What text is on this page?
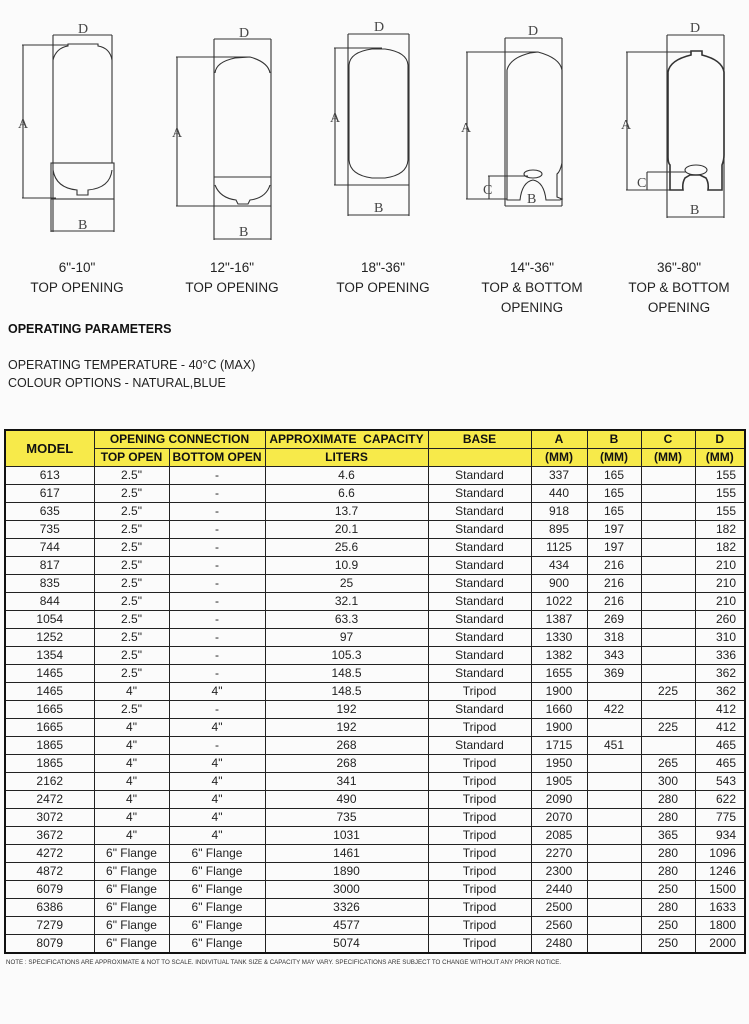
D
A
B
6"-10"
TOP OPENING
D
A
B
12"-16"
TOP OPENING
D
A
B
18"-36"
TOP OPENING
D
A
C
B
14"-36"
TOP & BOTTOM
OPENING
D
A
C
B
36"-80"
TOP & BOTTOM
OPENING
OPERATING PARAMETERS
OPERATING TEMPERATURE - 40°C (MAX)
COLOUR OPTIONS - NATURAL,BLUE
MODEL	OPENING CONNECTION		APPROXIMATE  CAPACITY	BASE	A	B	C	D
	TOP OPEN	BOTTOM OPEN	LITERS		(MM)	(MM)	(MM)	(MM)
613	2.5"	-	4.6	Standard	337	165		155
617	2.5"	-	6.6	Standard	440	165		155
635	2.5"	-	13.7	Standard	918	165		155
735	2.5"	-	20.1	Standard	895	197		182
744	2.5"	-	25.6	Standard	1125	197		182
817	2.5"	-	10.9	Standard	434	216		210
835	2.5"	-	25	Standard	900	216		210
844	2.5"	-	32.1	Standard	1022	216		210
1054	2.5"	-	63.3	Standard	1387	269		260
1252	2.5"	-	97	Standard	1330	318		310
1354	2.5"	-	105.3	Standard	1382	343		336
1465	2.5"	-	148.5	Standard	1655	369		362
1465	4"	4"	148.5	Tripod	1900		225	362
1665	2.5"	-	192	Standard	1660	422		412
1665	4"	4"	192	Tripod	1900		225	412
1865	4"	-	268	Standard	1715	451		465
1865	4"	4"	268	Tripod	1950		265	465
2162	4"	4"	341	Tripod	1905		300	543
2472	4"	4"	490	Tripod	2090		280	622
3072	4"	4"	735	Tripod	2070		280	775
3672	4"	4"	1031	Tripod	2085		365	934
4272	6" Flange	6" Flange	1461	Tripod	2270		280	1096
4872	6" Flange	6" Flange	1890	Tripod	2300		280	1246
6079	6" Flange	6" Flange	3000	Tripod	2440		250	1500
6386	6" Flange	6" Flange	3326	Tripod	2500		280	1633
7279	6" Flange	6" Flange	4577	Tripod	2560		250	1800
8079	6" Flange	6" Flange	5074	Tripod	2480		250	2000
NOTE : SPECIFICATIONS ARE APPROXIMATE & NOT TO SCALE. INDIVITUAL TANK SIZE & CAPACITY MAY VARY. SPECIFICATIONS ARE SUBJECT TO CHANGE WITHOUT ANY PRIOR NOTICE.
